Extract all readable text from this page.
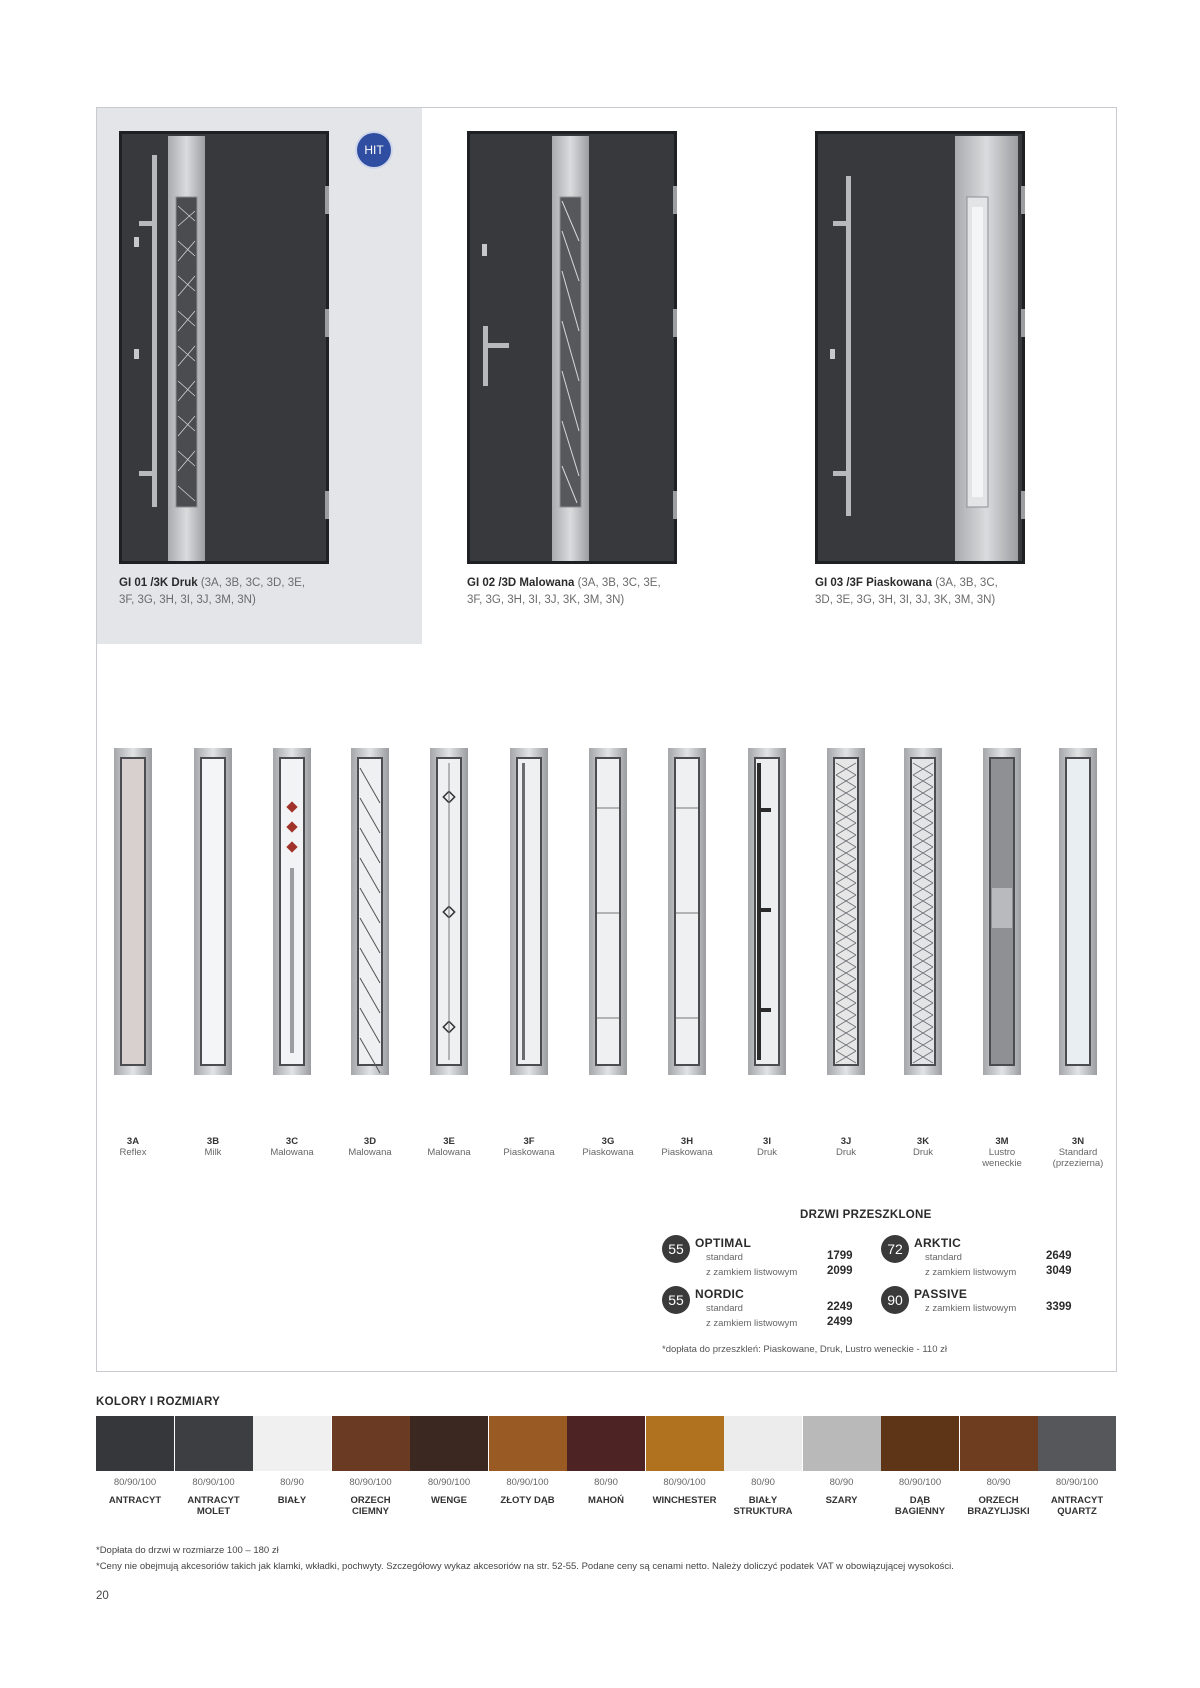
HIT
GI 01 /3K Druk (3A, 3B, 3C, 3D, 3E,
3F, 3G, 3H, 3I, 3J, 3M, 3N)
GI 02 /3D Malowana (3A, 3B, 3C, 3E,
3F, 3G, 3H, 3I, 3J, 3K, 3M, 3N)
GI 03 /3F Piaskowana (3A, 3B, 3C,
3D, 3E, 3G, 3H, 3I, 3J, 3K, 3M, 3N)
3A
Reflex
3B
Milk
3C
Malowana
3D
Malowana
3E
Malowana
3F
Piaskowana
3G
Piaskowana
3H
Piaskowana
3I
Druk
3J
Druk
3K
Druk
3M
Lustro
weneckie
3N
Standard
(przezierna)
DRZWI PRZESZKLONE
55 OPTIMAL
standard	1799
z zamkiem listwowym	2099
72 ARKTIC
standard	2649
z zamkiem listwowym	3049
55 NORDIC
standard	2249
z zamkiem listwowym	2499
90 PASSIVE
z zamkiem listwowym	3399
*dopłata do przeszkleń: Piaskowane, Druk, Lustro weneckie - 110 zł
KOLORY I ROZMIARY
80/90/100
ANTRACYT
80/90/100
ANTRACYT
MOLET
80/90
BIAŁY
80/90/100
ORZECH
CIEMNY
80/90/100
WENGE
80/90/100
ZŁOTY DĄB
80/90
MAHOŃ
80/90/100
WINCHESTER
80/90
BIAŁY
STRUKTURA
80/90
SZARY
80/90/100
DĄB
BAGIENNY
80/90
ORZECH
BRAZYLIJSKI
80/90/100
ANTRACYT
QUARTZ
*Dopłata do drzwi w rozmiarze 100 – 180 zł
*Ceny nie obejmują akcesoriów takich jak klamki, wkładki, pochwyty. Szczegółowy wykaz akcesoriów na str. 52-55. Podane ceny są cenami netto. Należy doliczyć podatek VAT w obowiązującej wysokości.
20
